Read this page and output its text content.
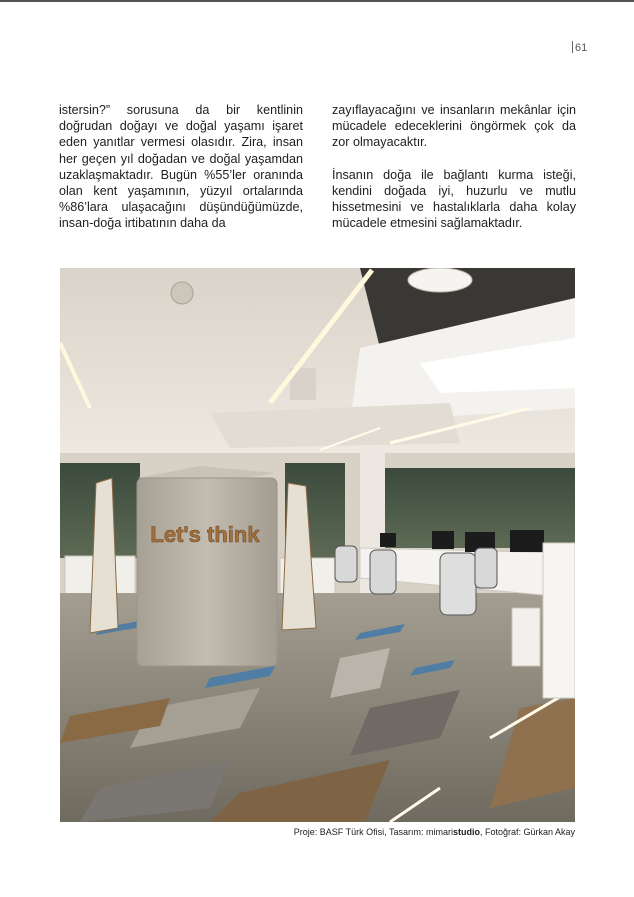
61

istersin?” sorusuna da bir kentlinin doğrudan doğayı ve doğal yaşamı işaret eden yanıtlar vermesi olasıdır. Zira, insan her geçen yıl doğadan ve doğal yaşamdan uzaklaşmaktadır. Bugün %55’ler oranında olan kent yaşamının, yüzyıl ortalarında %86’lara ulaşacağını düşündüğümüzde, insan-doğa irtibatının daha da

zayıflayacağını ve insanların mekânlar için mücadele edeceklerini öngörmek çok da zor olmayacaktır.

İnsanın doğa ile bağlantı kurma isteği, kendini doğada iyi, huzurlu ve mutlu hissetmesini ve hastalıklarla daha kolay mücadele etmesini sağlamaktadır.

Let's think
Proje: BASF Türk Ofisi, Tasarım: mimaristudio, Fotoğraf: Gürkan Akay
